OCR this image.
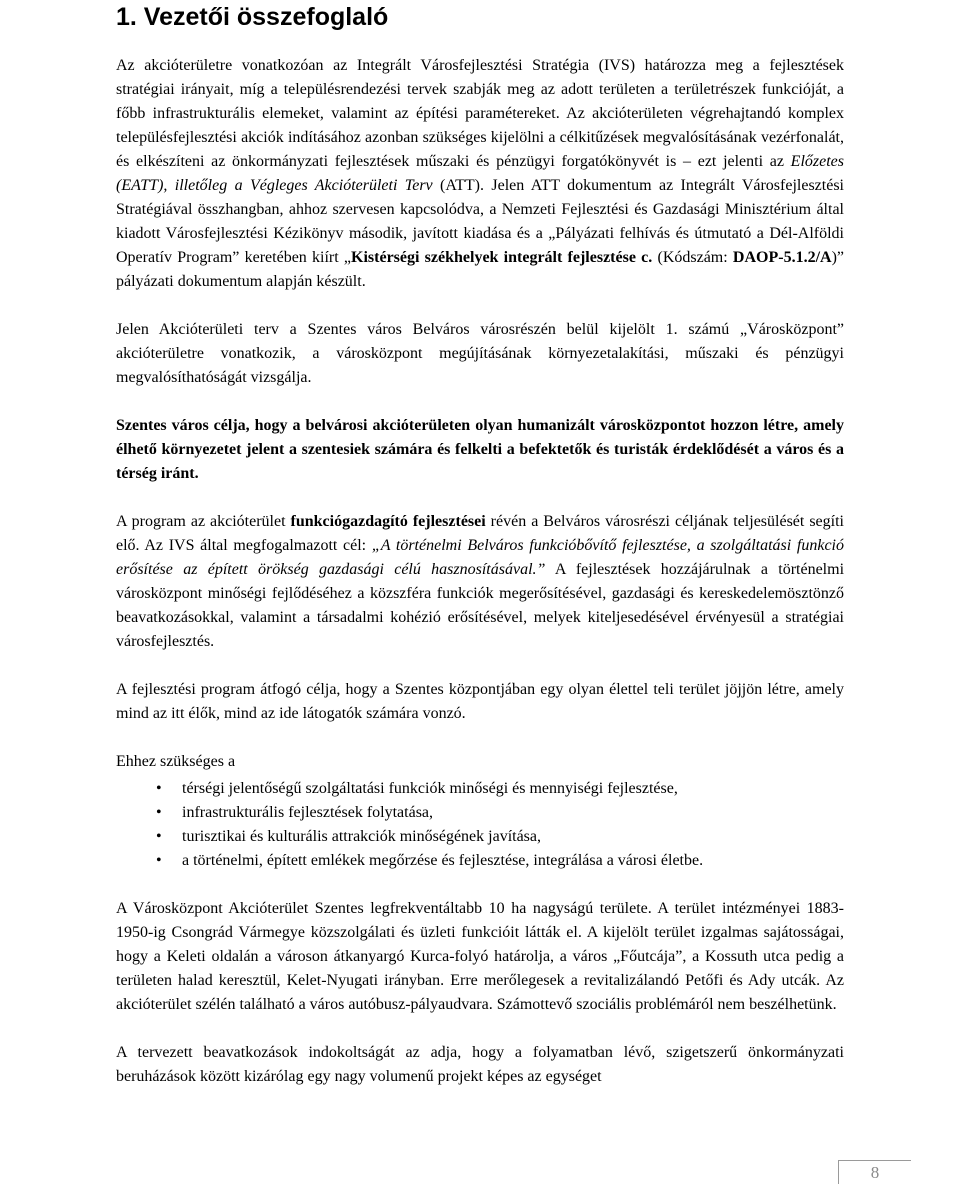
1. Vezetői összefoglaló

Az akcióterületre vonatkozóan az Integrált Városfejlesztési Stratégia (IVS) határozza meg a fejlesztések stratégiai irányait, míg a településrendezési tervek szabják meg az adott területen a területrészek funkcióját, a főbb infrastrukturális elemeket, valamint az építési paramétereket. Az akcióterületen végrehajtandó komplex településfejlesztési akciók indításához azonban szükséges kijelölni a célkitűzések megvalósításának vezérfonalát, és elkészíteni az önkormányzati fejlesztések műszaki és pénzügyi forgatókönyvét is – ezt jelenti az Előzetes (EATT), illetőleg a Végleges Akcióterületi Terv (ATT). Jelen ATT dokumentum az Integrált Városfejlesztési Stratégiával összhangban, ahhoz szervesen kapcsolódva, a Nemzeti Fejlesztési és Gazdasági Minisztérium által kiadott Városfejlesztési Kézikönyv második, javított kiadása és a „Pályázati felhívás és útmutató a Dél-Alföldi Operatív Program” keretében kiírt „Kistérségi székhelyek integrált fejlesztése c. (Kódszám: DAOP-5.1.2/A)” pályázati dokumentum alapján készült.

Jelen Akcióterületi terv a Szentes város Belváros városrészén belül kijelölt 1. számú „Városközpont” akcióterületre vonatkozik, a városközpont megújításának környezetalakítási, műszaki és pénzügyi megvalósíthatóságát vizsgálja.

Szentes város célja, hogy a belvárosi akcióterületen olyan humanizált városközpontot hozzon létre, amely élhető környezetet jelent a szentesiek számára és felkelti a befektetők és turisták érdeklődését a város és a térség iránt.

A program az akcióterület funkciógazdagító fejlesztései révén a Belváros városrészi céljának teljesülését segíti elő. Az IVS által megfogalmazott cél: „A történelmi Belváros funkcióbővítő fejlesztése, a szolgáltatási funkció erősítése az épített örökség gazdasági célú hasznosításával.” A fejlesztések hozzájárulnak a történelmi városközpont minőségi fejlődéséhez a közszféra funkciók megerősítésével, gazdasági és kereskedelemösztönző beavatkozásokkal, valamint a társadalmi kohézió erősítésével, melyek kiteljesedésével érvényesül a stratégiai városfejlesztés.

A fejlesztési program átfogó célja, hogy a Szentes központjában egy olyan élettel teli terület jöjjön létre, amely mind az itt élők, mind az ide látogatók számára vonzó.

Ehhez szükséges a

• térségi jelentőségű szolgáltatási funkciók minőségi és mennyiségi fejlesztése,
• infrastrukturális fejlesztések folytatása,
• turisztikai és kulturális attrakciók minőségének javítása,
• a történelmi, épített emlékek megőrzése és fejlesztése, integrálása a városi életbe.

A Városközpont Akcióterület Szentes legfrekventáltabb 10 ha nagyságú területe. A terület intézményei 1883-1950-ig Csongrád Vármegye közszolgálati és üzleti funkcióit látták el. A kijelölt terület izgalmas sajátosságai, hogy a Keleti oldalán a városon átkanyargó Kurca-folyó határolja, a város „Főutcája”, a Kossuth utca pedig a területen halad keresztül, Kelet-Nyugati irányban. Erre merőlegesek a revitalizálandó Petőfi és Ady utcák. Az akcióterület szélén található a város autóbusz-pályaudvara. Számottevő szociális problémáról nem beszélhetünk.

A tervezett beavatkozások indokoltságát az adja, hogy a folyamatban lévő, szigetszerű önkormányzati beruházások között kizárólag egy nagy volumenű projekt képes az egységet

8
